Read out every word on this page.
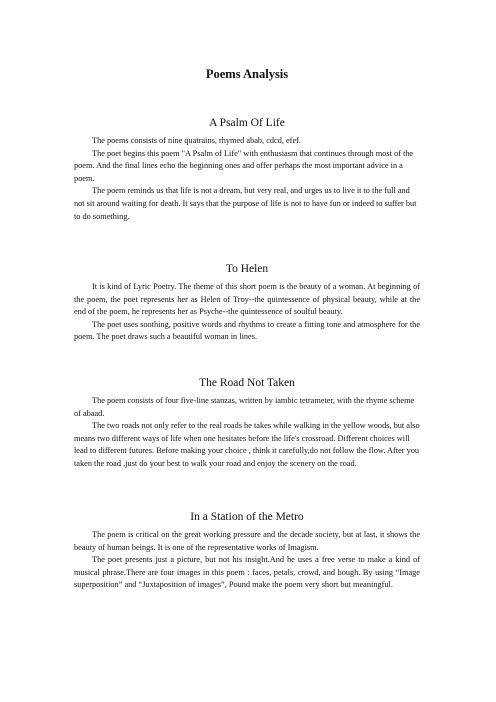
Poems Analysis
A Psalm Of Life

The poems consists of nine quatrains, rhymed abab, cdcd, efef.

The poet begins this poem "A Psalm of Life" with enthusiasm that continues through most of the poem. And the final lines echo the beginning ones and offer perhaps the most important advice in a poem.

The poem reminds us that life is not a dream, but very real, and urges us to live it to the full and not sit around waiting for death. It says that the purpose of life is not to have fun or indeed to suffer but to do something.

To Helen

It is kind of Lyric Poetry. The theme of this short poem is the beauty of a woman. At beginning of the poem, the poet represents her as Helen of Troy--the quintessence of physical beauty, while at the end of the poem, he represents her as Psyche--the quintessence of soulful beauty.

The poet uses soothing, positive words and rhythms to create a fitting tone and atmosphere for the poem. The poet draws such a beautiful woman in lines.

The Road Not Taken

The poem consists of four five-line stanzas, written by iambic tetrameter, with the rhyme scheme of abaad.

The two roads not only refer to the real roads he takes while walking in the yellow woods, but also means two different ways of life when one hesitates before the life's crossroad. Different choices will lead to different futures. Before making your choice , think it carefully,do not follow the flow. After you taken the road ,just do your best to walk your road and enjoy the scenery on the road.

In a Station of the Metro

The poem is critical on the great working pressure and the decade society, but at last, it shows the beauty of human beings. It is one of the representative works of Imagism.

The poet presents just a picture, but not his insight.And he uses a free verse to make a kind of musical phrase.There are four images in this poem : faces, petals, crowd, and bough. By using “Image superposition” and “Juxtaposition of images”, Pound make the poem very short but meaningful.
